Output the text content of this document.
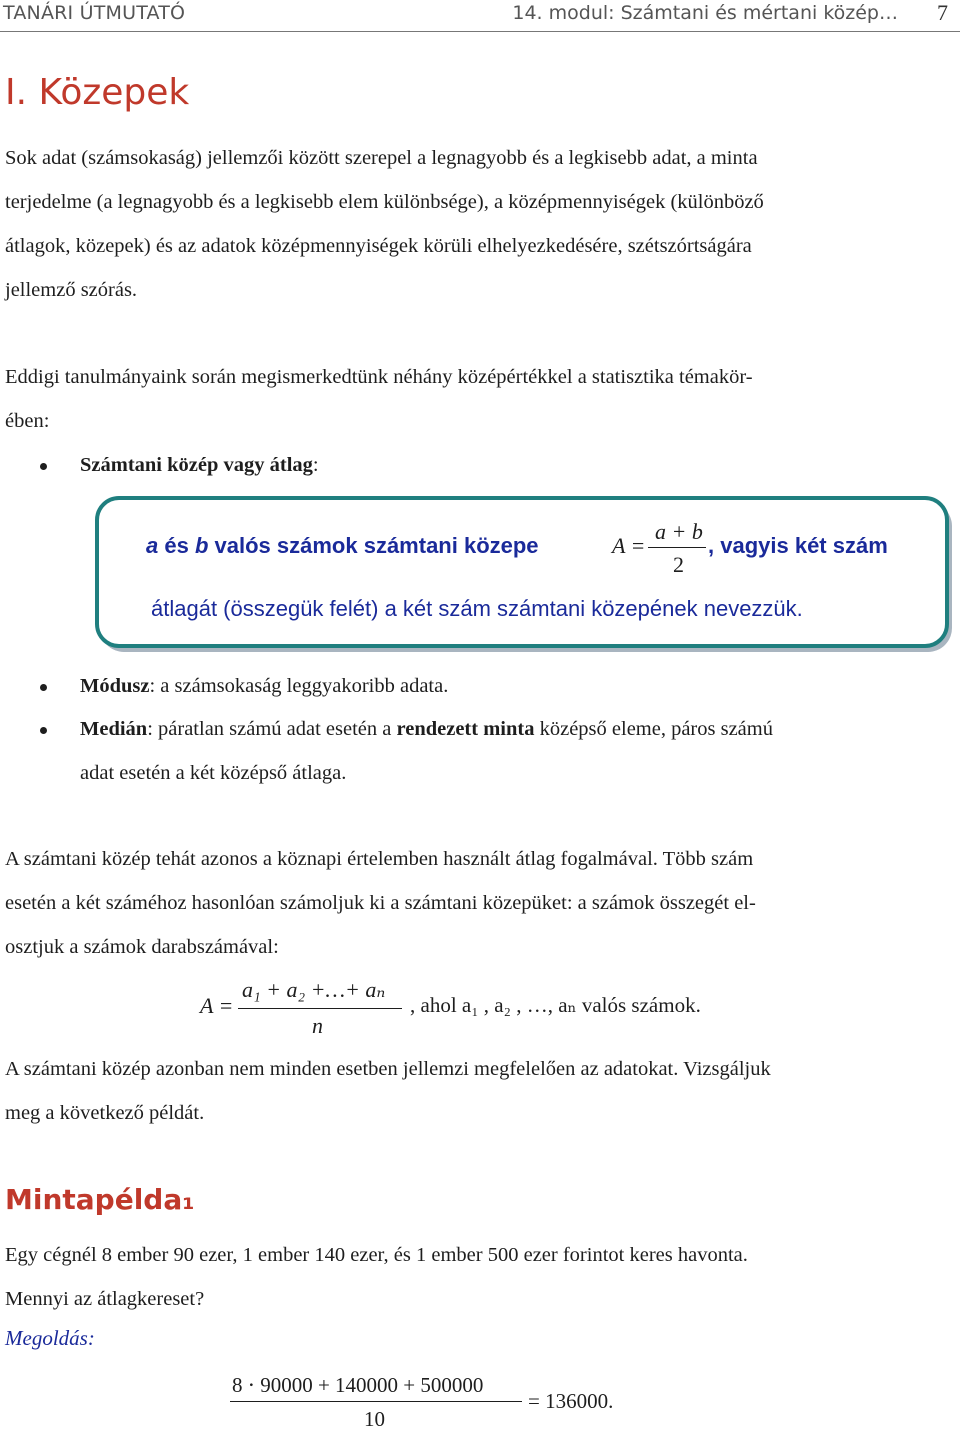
TANÁRI ÚTMUTATÓ	14. modul: Számtani és mértani közép… 7
I. Közepek
Sok adat (számsokaság) jellemzői között szerepel a legnagyobb és a legkisebb adat, a minta
terjedelme (a legnagyobb és a legkisebb elem különbsége), a középmennyiségek (különböző
átlagok, közepek) és az adatok középmennyiségek körüli elhelyezkedésére, szétszórtságára
jellemző szórás.
Eddigi tanulmányaink során megismerkedtünk néhány középértékkel a statisztika témakör-
ében:
Számtani közép vagy átlag:
a és b valós számok számtani közepe	A =
a + b
2
, vagyis két szám
átlagát (összegük felét) a két szám számtani közepének nevezzük.
Módusz: a számsokaság leggyakoribb adata.
Medián: páratlan számú adat esetén a rendezett minta középső eleme, páros számú
adat esetén a két középső átlaga.
A számtani közép tehát azonos a köznapi értelemben használt átlag fogalmával. Több szám
esetén a két száméhoz hasonlóan számoljuk ki a számtani közepüket: a számok összegét el-
osztjuk a számok darabszámával:
A =
a₁ + a₂ +…+ aₙ
n
, ahol a₁ , a₂ , …, aₙ valós számok.
A számtani közép azonban nem minden esetben jellemzi megfelelően az adatokat. Vizsgáljuk
meg a következő példát.
Mintapélda₁
Egy cégnél 8 ember 90 ezer, 1 ember 140 ezer, és 1 ember 500 ezer forintot keres havonta.
Mennyi az átlagkereset?
Megoldás:
8 ⋅ 90000 + 140000 + 500000
10
= 136000.
